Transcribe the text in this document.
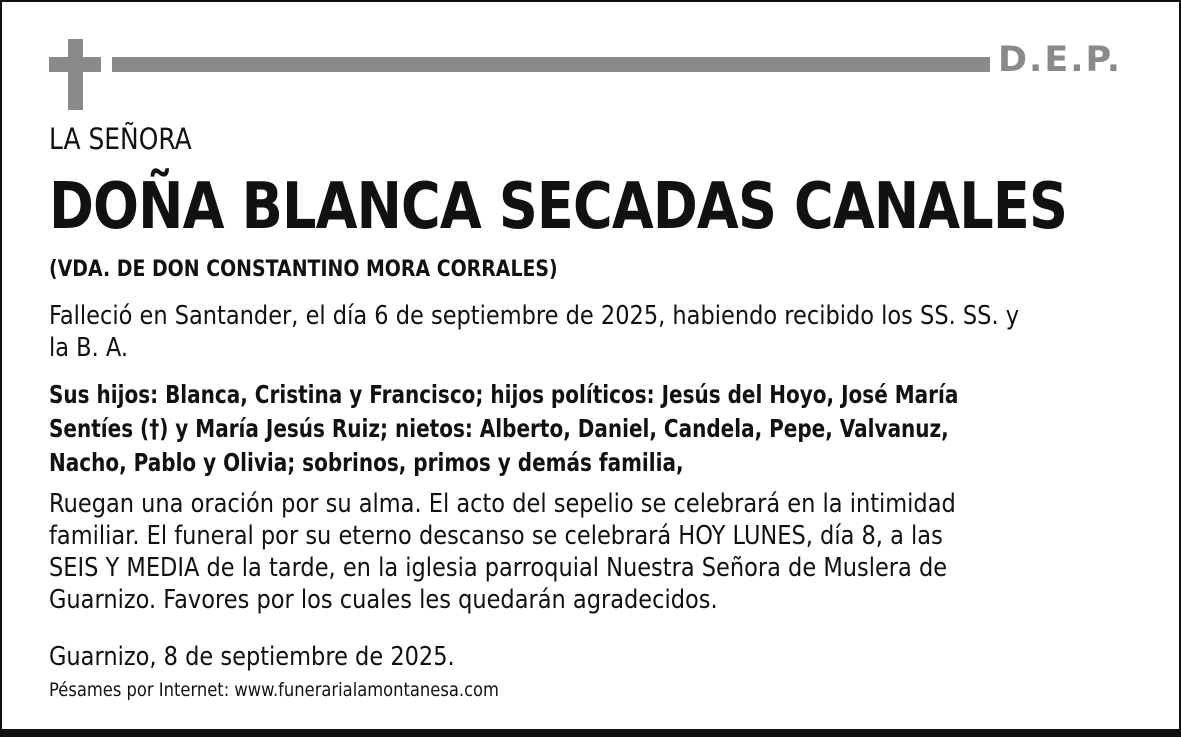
D.E.P.
LA SEÑORA
DOÑA BLANCA SECADAS CANALES
(VDA. DE DON CONSTANTINO MORA CORRALES)
Falleció en Santander, el día 6 de septiembre de 2025, habiendo recibido los SS. SS. y
la B. A.
Sus hijos: Blanca, Cristina y Francisco; hijos políticos: Jesús del Hoyo, José María
Sentíes (†) y María Jesús Ruiz; nietos: Alberto, Daniel, Candela, Pepe, Valvanuz,
Nacho, Pablo y Olivia; sobrinos, primos y demás familia,
Ruegan una oración por su alma. El acto del sepelio se celebrará en la intimidad
familiar. El funeral por su eterno descanso se celebrará HOY LUNES, día 8, a las
SEIS Y MEDIA de la tarde, en la iglesia parroquial Nuestra Señora de Muslera de
Guarnizo. Favores por los cuales les quedarán agradecidos.
Guarnizo, 8 de septiembre de 2025.
Pésames por Internet: www.funerarialamontanesa.com
